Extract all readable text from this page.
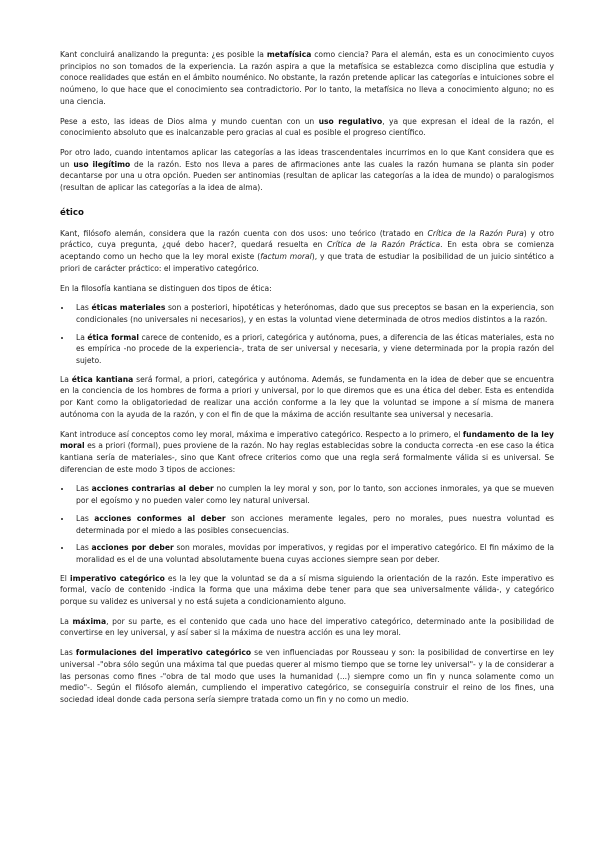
Kant concluirá analizando la pregunta: ¿es posible la metafísica como ciencia? Para el alemán, esta es un conocimiento cuyos principios no son tomados de la experiencia. La razón aspira a que la metafísica se establezca como disciplina que estudia y conoce realidades que están en el ámbito nouménico. No obstante, la razón pretende aplicar las categorías e intuiciones sobre el noúmeno, lo que hace que el conocimiento sea contradictorio. Por lo tanto, la metafísica no lleva a conocimiento alguno; no es una ciencia.

Pese a esto, las ideas de Dios alma y mundo cuentan con un uso regulativo, ya que expresan el ideal de la razón, el conocimiento absoluto que es inalcanzable pero gracias al cual es posible el progreso científico.

Por otro lado, cuando intentamos aplicar las categorías a las ideas trascendentales incurrimos en lo que Kant considera que es un uso ilegítimo de la razón. Esto nos lleva a pares de afirmaciones ante las cuales la razón humana se planta sin poder decantarse por una u otra opción. Pueden ser antinomias (resultan de aplicar las categorías a la idea de mundo) o paralogismos (resultan de aplicar las categorías a la idea de alma).

ético

Kant, filósofo alemán, considera que la razón cuenta con dos usos: uno teórico (tratado en Crítica de la Razón Pura) y otro práctico, cuya pregunta, ¿qué debo hacer?, quedará resuelta en Crítica de la Razón Práctica. En esta obra se comienza aceptando como un hecho que la ley moral existe (factum moral), y que trata de estudiar la posibilidad de un juicio sintético a priori de carácter práctico: el imperativo categórico.

En la filosofía kantiana se distinguen dos tipos de ética:

• Las éticas materiales son a posteriori, hipotéticas y heterónomas, dado que sus preceptos se basan en la experiencia, son condicionales (no universales ni necesarios), y en estas la voluntad viene determinada de otros medios distintos a la razón.
• La ética formal carece de contenido, es a priori, categórica y autónoma, pues, a diferencia de las éticas materiales, esta no es empírica -no procede de la experiencia-, trata de ser universal y necesaria, y viene determinada por la propia razón del sujeto.

La ética kantiana será formal, a priori, categórica y autónoma. Además, se fundamenta en la idea de deber que se encuentra en la conciencia de los hombres de forma a priori y universal, por lo que diremos que es una ética del deber. Esta es entendida por Kant como la obligatoriedad de realizar una acción conforme a la ley que la voluntad se impone a sí misma de manera autónoma con la ayuda de la razón, y con el fin de que la máxima de acción resultante sea universal y necesaria.

Kant introduce así conceptos como ley moral, máxima e imperativo categórico. Respecto a lo primero, el fundamento de la ley moral es a priori (formal), pues proviene de la razón. No hay reglas establecidas sobre la conducta correcta -en ese caso la ética kantiana sería de materiales-, sino que Kant ofrece criterios como que una regla será formalmente válida si es universal. Se diferencian de este modo 3 tipos de acciones:

• Las acciones contrarias al deber no cumplen la ley moral y son, por lo tanto, son acciones inmorales, ya que se mueven por el egoísmo y no pueden valer como ley natural universal.
• Las acciones conformes al deber son acciones meramente legales, pero no morales, pues nuestra voluntad es determinada por el miedo a las posibles consecuencias.
• Las acciones por deber son morales, movidas por imperativos, y regidas por el imperativo categórico. El fin máximo de la moralidad es el de una voluntad absolutamente buena cuyas acciones siempre sean por deber.

El imperativo categórico es la ley que la voluntad se da a sí misma siguiendo la orientación de la razón. Este imperativo es formal, vacío de contenido -indica la forma que una máxima debe tener para que sea universalmente válida-, y categórico porque su validez es universal y no está sujeta a condicionamiento alguno.

La máxima, por su parte, es el contenido que cada uno hace del imperativo categórico, determinado ante la posibilidad de convertirse en ley universal, y así saber si la máxima de nuestra acción es una ley moral.

Las formulaciones del imperativo categórico se ven influenciadas por Rousseau y son: la posibilidad de convertirse en ley universal -"obra sólo según una máxima tal que puedas querer al mismo tiempo que se torne ley universal"- y la de considerar a las personas como fines -"obra de tal modo que uses la humanidad (...) siempre como un fin y nunca solamente como un medio"-. Según el filósofo alemán, cumpliendo el imperativo categórico, se conseguiría construir el reino de los fines, una sociedad ideal donde cada persona sería siempre tratada como un fin y no como un medio.
